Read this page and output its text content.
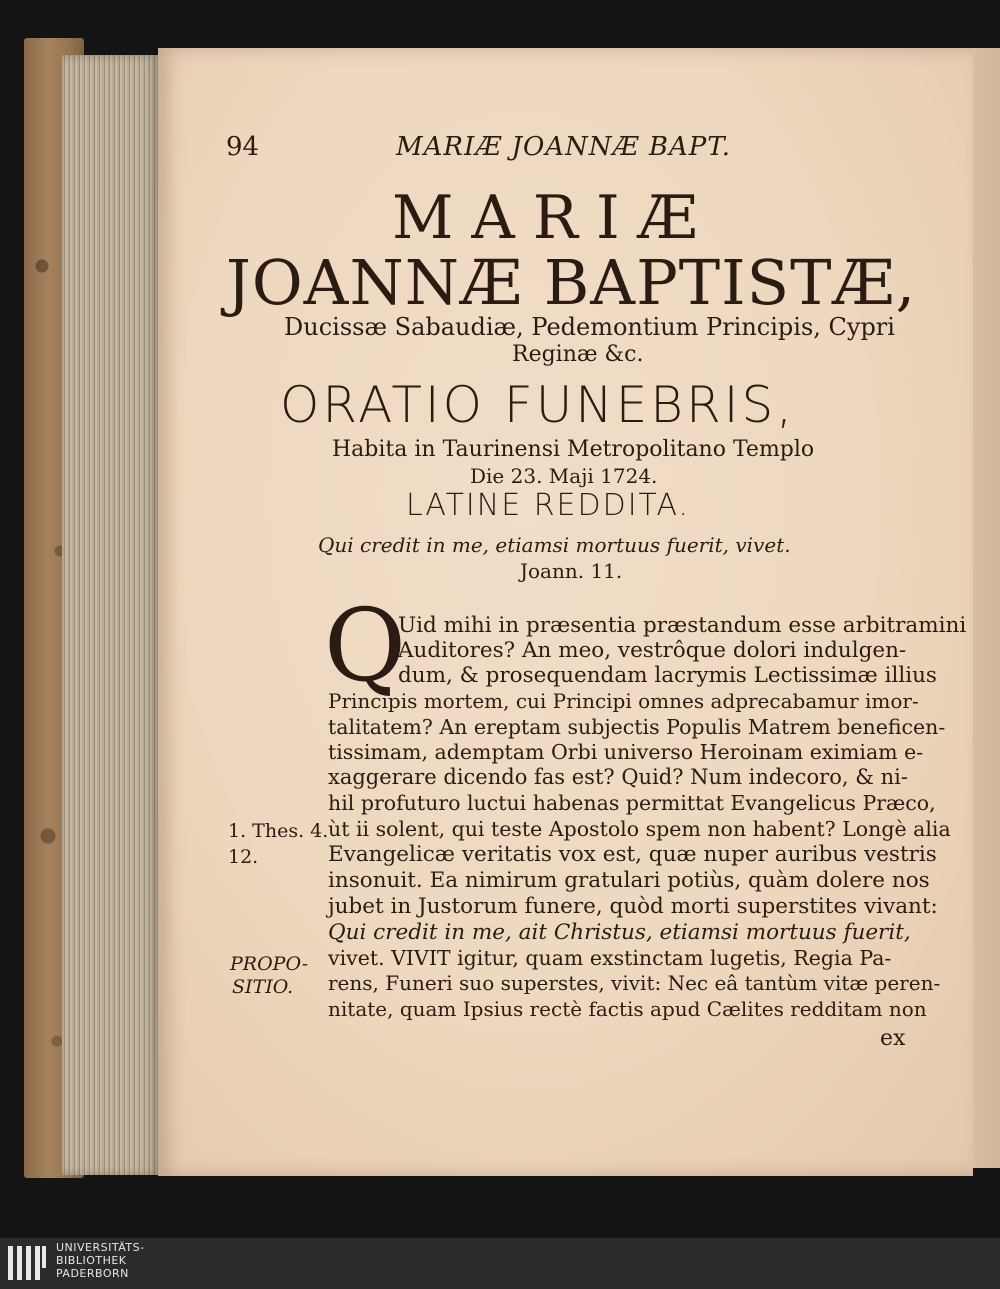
94	MARIÆ JOANNÆ BAPT.
MARIÆ
JOANNÆ BAPTISTÆ,
Ducissæ Sabaudiæ, Pedemontium Principis, Cypri
Reginæ &c.
ORATIO FUNEBRIS,
Habita in Taurinensi Metropolitano Templo
Die 23. Maji 1724.
LATINE REDDITA.
Qui credit in me, etiamsi mortuus fuerit, vivet.
Joann. 11.
Q
Uid mihi in præsentia præstandum esse arbitramini
Auditores? An meo, vestrôque dolori indulgen-
dum, & prosequendam lacrymis Lectissimæ illius
Principis mortem, cui Principi omnes adprecabamur imor-
talitatem? An ereptam subjectis Populis Matrem beneficen-
tissimam, ademptam Orbi universo Heroinam eximiam e-
xaggerare dicendo fas est? Quid? Num indecoro, & ni-
hil profuturo luctui habenas permittat Evangelicus Præco,
ùt ii solent, qui teste Apostolo spem non habent? Longè alia
Evangelicæ veritatis vox est, quæ nuper auribus vestris
insonuit. Ea nimirum gratulari potiùs, quàm dolere nos
jubet in Justorum funere, quòd morti superstites vivant:
Qui credit in me, ait Christus, etiamsi mortuus fuerit,
vivet. VIVIT igitur, quam exstinctam lugetis, Regia Pa-
rens, Funeri suo superstes, vivit: Nec eâ tantùm vitæ peren-
nitate, quam Ipsius rectè factis apud Cælites redditam non
1. Thes. 4.
12.
PROPO-
SITIO.
ex
UNIVERSITÄTS-
BIBLIOTHEK
PADERBORN
